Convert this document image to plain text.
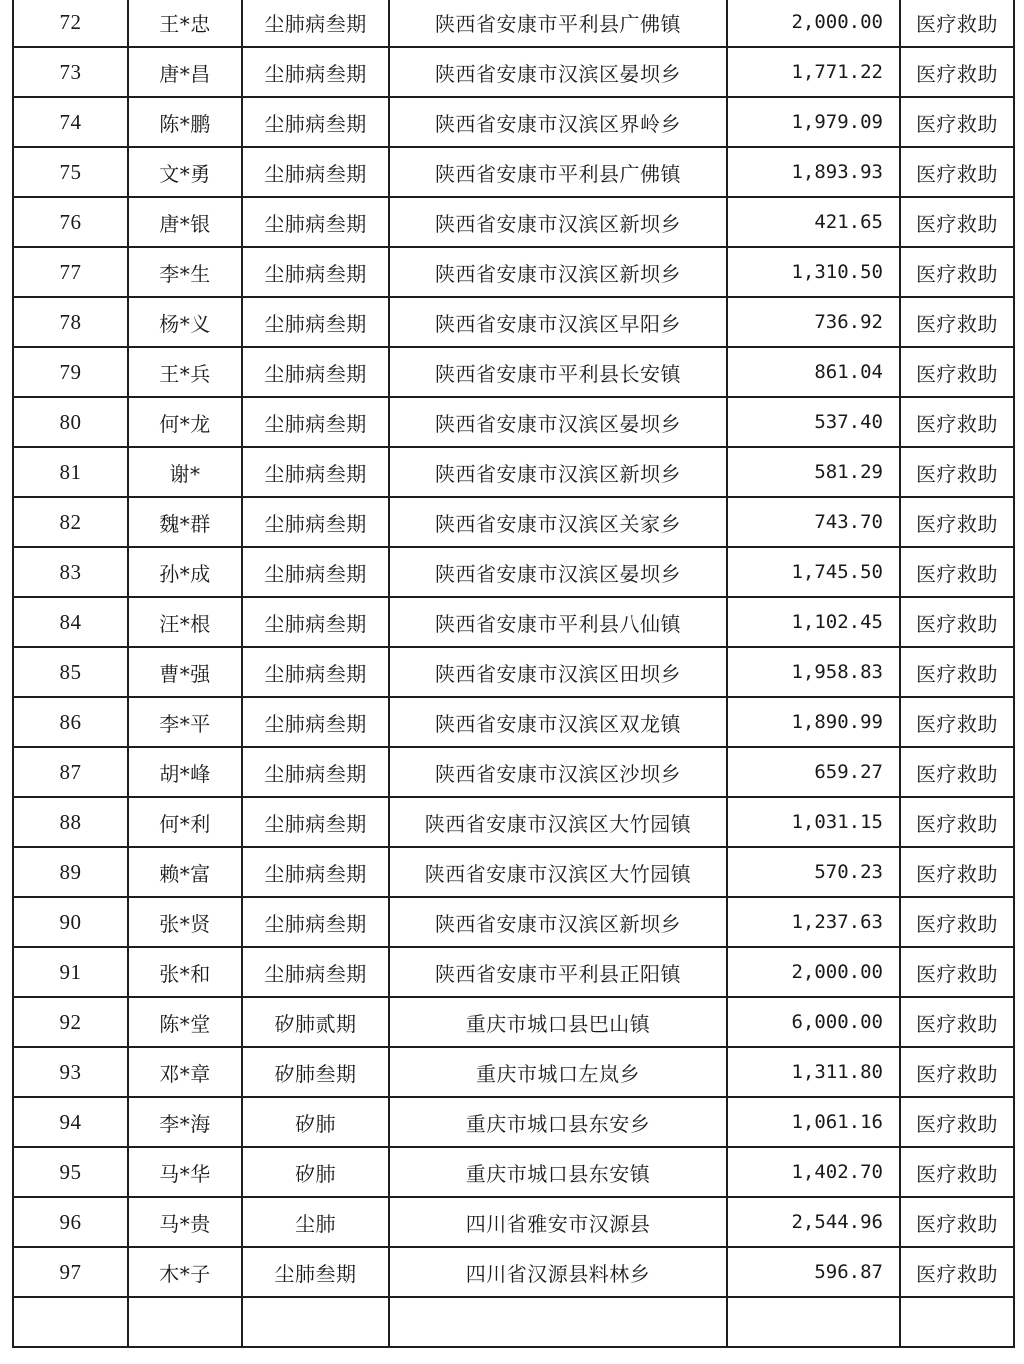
72	王*忠	尘肺病叁期	陕西省安康市平利县广佛镇	2,000.00	医疗救助
73	唐*昌	尘肺病叁期	陕西省安康市汉滨区晏坝乡	1,771.22	医疗救助
74	陈*鹏	尘肺病叁期	陕西省安康市汉滨区界岭乡	1,979.09	医疗救助
75	文*勇	尘肺病叁期	陕西省安康市平利县广佛镇	1,893.93	医疗救助
76	唐*银	尘肺病叁期	陕西省安康市汉滨区新坝乡	421.65	医疗救助
77	李*生	尘肺病叁期	陕西省安康市汉滨区新坝乡	1,310.50	医疗救助
78	杨*义	尘肺病叁期	陕西省安康市汉滨区早阳乡	736.92	医疗救助
79	王*兵	尘肺病叁期	陕西省安康市平利县长安镇	861.04	医疗救助
80	何*龙	尘肺病叁期	陕西省安康市汉滨区晏坝乡	537.40	医疗救助
81	谢*	尘肺病叁期	陕西省安康市汉滨区新坝乡	581.29	医疗救助
82	魏*群	尘肺病叁期	陕西省安康市汉滨区关家乡	743.70	医疗救助
83	孙*成	尘肺病叁期	陕西省安康市汉滨区晏坝乡	1,745.50	医疗救助
84	汪*根	尘肺病叁期	陕西省安康市平利县八仙镇	1,102.45	医疗救助
85	曹*强	尘肺病叁期	陕西省安康市汉滨区田坝乡	1,958.83	医疗救助
86	李*平	尘肺病叁期	陕西省安康市汉滨区双龙镇	1,890.99	医疗救助
87	胡*峰	尘肺病叁期	陕西省安康市汉滨区沙坝乡	659.27	医疗救助
88	何*利	尘肺病叁期	陕西省安康市汉滨区大竹园镇	1,031.15	医疗救助
89	赖*富	尘肺病叁期	陕西省安康市汉滨区大竹园镇	570.23	医疗救助
90	张*贤	尘肺病叁期	陕西省安康市汉滨区新坝乡	1,237.63	医疗救助
91	张*和	尘肺病叁期	陕西省安康市平利县正阳镇	2,000.00	医疗救助
92	陈*堂	矽肺贰期	重庆市城口县巴山镇	6,000.00	医疗救助
93	邓*章	矽肺叁期	重庆市城口左岚乡	1,311.80	医疗救助
94	李*海	矽肺	重庆市城口县东安乡	1,061.16	医疗救助
95	马*华	矽肺	重庆市城口县东安镇	1,402.70	医疗救助
96	马*贵	尘肺	四川省雅安市汉源县	2,544.96	医疗救助
97	木*子	尘肺叁期	四川省汉源县料林乡	596.87	医疗救助
